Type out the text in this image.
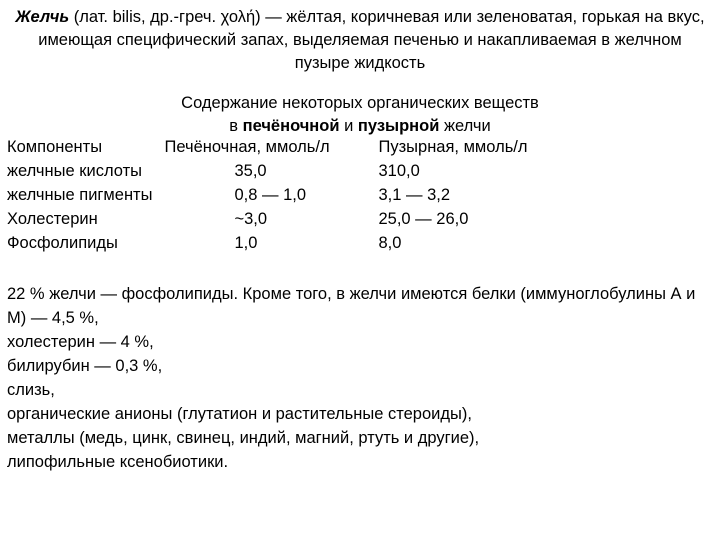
Желчь (лат. bilis, др.-греч. χολή) — жёлтая, коричневая или зеленоватая, горькая на вкус, имеющая специфический запах, выделяемая печенью и накапливаемая в желчном пузыре жидкость
Содержание некоторых органических веществ
в печёночной и пузырной желчи
Компоненты	Печёночная, ммоль/л	Пузырная, ммоль/л
желчные кислоты	35,0	310,0
желчные пигменты	0,8 — 1,0	3,1 — 3,2
Холестерин	~3,0	25,0 — 26,0
Фосфолипиды	1,0	8,0

22 % желчи — фосфолипиды. Кроме того, в желчи имеются белки (иммуноглобулины А и М) — 4,5 %,

холестерин — 4 %,

билирубин — 0,3 %,

слизь,

органические анионы (глутатион и растительные стероиды),

металлы (медь, цинк, свинец, индий, магний, ртуть и другие),

липофильные ксенобиотики.
